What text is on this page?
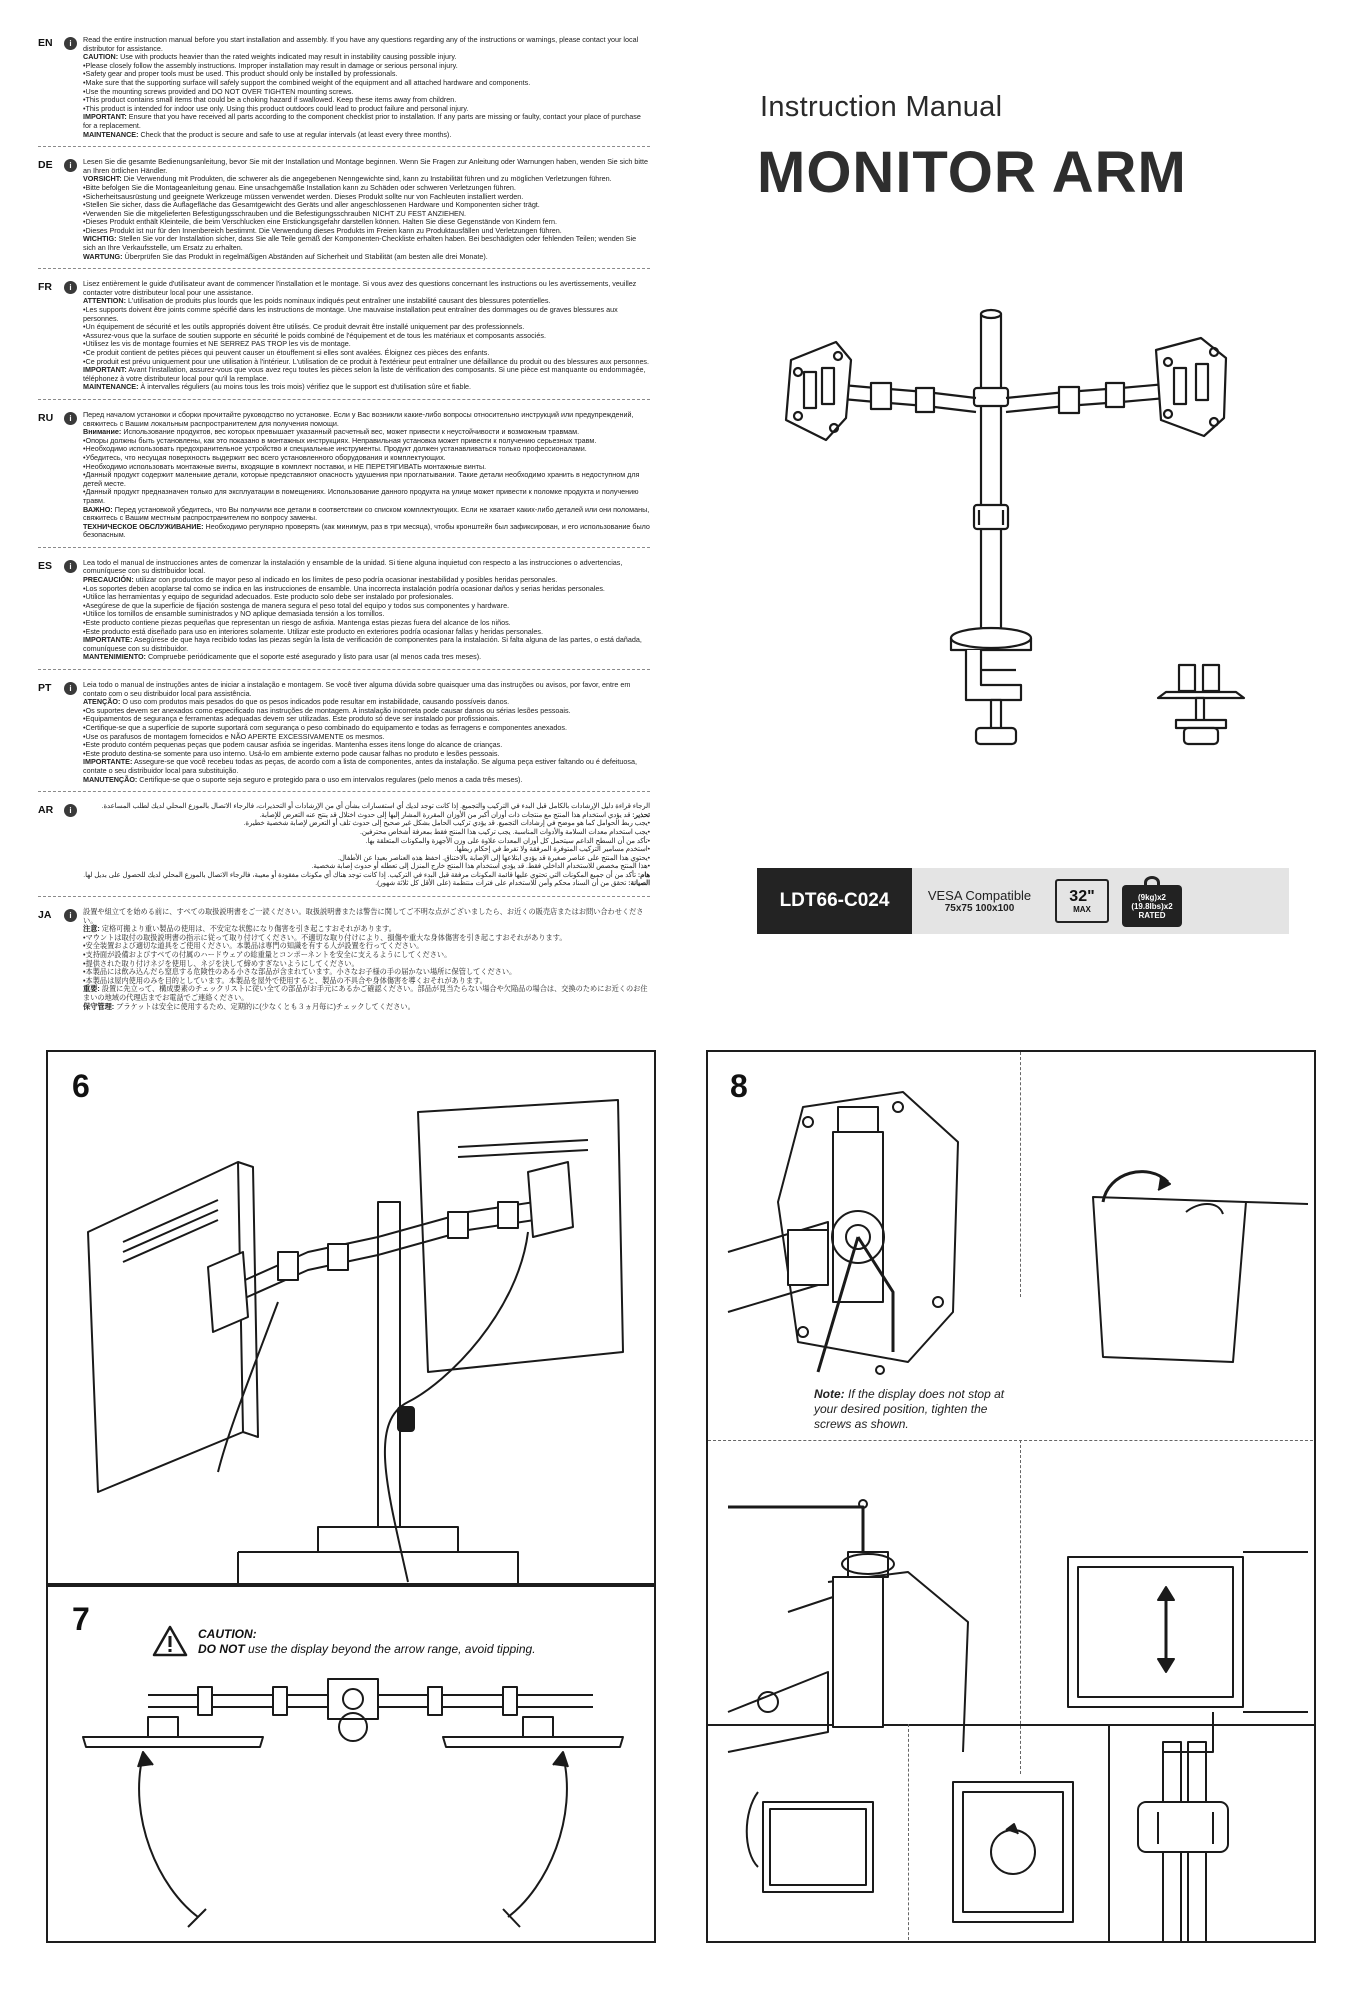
EN	i	Read the entire instruction manual before you start installation and assembly. If you have any questions regarding any of the instructions or warnings, please contact your local distributor for assistance.
CAUTION: Use with products heavier than the rated weights indicated may result in instability causing possible injury.
• Please closely follow the assembly instructions. Improper installation may result in damage or serious personal injury.
• Safety gear and proper tools must be used. This product should only be installed by professionals.
• Make sure that the supporting surface will safely support the combined weight of the equipment and all attached hardware and components.
• Use the mounting screws provided and DO NOT OVER TIGHTEN mounting screws.
• This product contains small items that could be a choking hazard if swallowed. Keep these items away from children.
• This product is intended for indoor use only. Using this product outdoors could lead to product failure and personal injury.
IMPORTANT: Ensure that you have received all parts according to the component checklist prior to installation. If any parts are missing or faulty, contact your place of purchase for a replacement.
MAINTENANCE: Check that the product is secure and safe to use at regular intervals (at least every three months).
DE	i	Lesen Sie die gesamte Bedienungsanleitung, bevor Sie mit der Installation und Montage beginnen. Wenn Sie Fragen zur Anleitung oder Warnungen haben, wenden Sie sich bitte an Ihren örtlichen Händler.
VORSICHT: Die Verwendung mit Produkten, die schwerer als die angegebenen Nenngewichte sind, kann zu Instabilität führen und zu möglichen Verletzungen führen.
• Bitte befolgen Sie die Montageanleitung genau. Eine unsachgemäße Installation kann zu Schäden oder schweren Verletzungen führen.
• Sicherheitsausrüstung und geeignete Werkzeuge müssen verwendet werden. Dieses Produkt sollte nur von Fachleuten installiert werden.
• Stellen Sie sicher, dass die Auflagefläche das Gesamtgewicht des Geräts und aller angeschlossenen Hardware und Komponenten sicher trägt.
• Verwenden Sie die mitgelieferten Befestigungsschrauben und die Befestigungsschrauben NICHT ZU FEST ANZIEHEN.
• Dieses Produkt enthält Kleinteile, die beim Verschlucken eine Erstickungsgefahr darstellen können. Halten Sie diese Gegenstände von Kindern fern.
• Dieses Produkt ist nur für den Innenbereich bestimmt. Die Verwendung dieses Produkts im Freien kann zu Produktausfällen und Verletzungen führen.
WICHTIG: Stellen Sie vor der Installation sicher, dass Sie alle Teile gemäß der Komponenten-Checkliste erhalten haben. Bei beschädigten oder fehlenden Teilen; wenden Sie sich an Ihre Verkaufsstelle, um Ersatz zu erhalten.
WARTUNG: Überprüfen Sie das Produkt in regelmäßigen Abständen auf Sicherheit und Stabilität (am besten alle drei Monate).
FR	i	Lisez entièrement le guide d'utilisateur avant de commencer l'installation et le montage. Si vous avez des questions concernant les instructions ou les avertissements, veuillez contacter votre distributeur local pour une assistance.
ATTENTION: L'utilisation de produits plus lourds que les poids nominaux indiqués peut entraîner une instabilité causant des blessures potentielles.
• Les supports doivent être joints comme spécifié dans les instructions de montage. Une mauvaise installation peut entraîner des dommages ou de graves blessures aux personnes.
• Un équipement de sécurité et les outils appropriés doivent être utilisés. Ce produit devrait être installé uniquement par des professionnels.
• Assurez-vous que la surface de soutien supporte en sécurité le poids combiné de l'équipement et de tous les matériaux et composants associés.
• Utilisez les vis de montage fournies et NE SERREZ PAS TROP les vis de montage.
• Ce produit contient de petites pièces qui peuvent causer un étouffement si elles sont avalées. Éloignez ces pièces des enfants.
• Ce produit est prévu uniquement pour une utilisation à l'intérieur. L'utilisation de ce produit à l'extérieur peut entraîner une défaillance du produit ou des blessures aux personnes.
IMPORTANT: Avant l'installation, assurez-vous que vous avez reçu toutes les pièces selon la liste de vérification des composants. Si une pièce est manquante ou endommagée, téléphonez à votre distributeur local pour qu'il la remplace.
MAINTENANCE: À intervalles réguliers (au moins tous les trois mois) vérifiez que le support est d'utilisation sûre et fiable.
RU	i	Перед началом установки и сборки прочитайте руководство по установке. Если у Вас возникли какие-либо вопросы относительно инструкций или предупреждений, свяжитесь с Вашим локальным распространителем для получения помощи.
Внимание: Использование продуктов, вес которых превышает указанный расчетный вес, может привести к неустойчивости и возможным травмам.
• Опоры должны быть установлены, как это показано в монтажных инструкциях. Неправильная установка может привести к получению серьезных травм.
• Необходимо использовать предохранительное устройство и специальные инструменты. Продукт должен устанавливаться только профессионалами.
• Убедитесь, что несущая поверхность выдержит вес всего установленного оборудования и комплектующих.
• Необходимо использовать монтажные винты, входящие в комплект поставки, и НЕ ПЕРЕТЯГИВАТЬ монтажные винты.
• Данный продукт содержит маленькие детали, которые представляют опасность удушения при проглатывании. Такие детали необходимо хранить в недоступном для детей месте.
• Данный продукт предназначен только для эксплуатации в помещениях. Использование данного продукта на улице может привести к поломке продукта и получению травм.
ВАЖНО: Перед установкой убедитесь, что Вы получили все детали в соответствии со списком комплектующих. Если не хватает каких-либо деталей или они поломаны, свяжитесь с Вашим местным распространителем по вопросу замены.
ТЕХНИЧЕСКОЕ ОБСЛУЖИВАНИЕ: Необходимо регулярно проверять (как минимум, раз в три месяца), чтобы кронштейн был зафиксирован, и его использование было безопасным.
ES	i	Lea todo el manual de instrucciones antes de comenzar la instalación y ensamble de la unidad. Si tiene alguna inquietud con respecto a las instrucciones o advertencias, comuníquese con su distribuidor local.
PRECAUCIÓN: utilizar con productos de mayor peso al indicado en los límites de peso podría ocasionar inestabilidad y posibles heridas personales.
• Los soportes deben acoplarse tal como se indica en las instrucciones de ensamble. Una incorrecta instalación podría ocasionar daños y serias heridas personales.
• Utilice las herramientas y equipo de seguridad adecuados. Este producto solo debe ser instalado por profesionales.
• Asegúrese de que la superficie de fijación sostenga de manera segura el peso total del equipo y todos sus componentes y hardware.
• Utilice los tornillos de ensamble suministrados y NO aplique demasiada tensión a los tornillos.
• Este producto contiene piezas pequeñas que representan un riesgo de asfixia. Mantenga estas piezas fuera del alcance de los niños.
• Este producto está diseñado para uso en interiores solamente. Utilizar este producto en exteriores podría ocasionar fallas y heridas personales.
IMPORTANTE: Asegúrese de que haya recibido todas las piezas según la lista de verificación de componentes para la instalación. Si falta alguna de las partes, o está dañada, comuníquese con su distribuidor.
MANTENIMIENTO: Compruebe periódicamente que el soporte esté asegurado y listo para usar (al menos cada tres meses).
PT	i	Leia todo o manual de instruções antes de iniciar a instalação e montagem. Se você tiver alguma dúvida sobre quaisquer uma das instruções ou avisos, por favor, entre em contato com o seu distribuidor local para assistência.
ATENÇÃO: O uso com produtos mais pesados do que os pesos indicados pode resultar em instabilidade, causando possíveis danos.
• Os suportes devem ser anexados como especificado nas instruções de montagem. A instalação incorreta pode causar danos ou sérias lesões pessoais.
• Equipamentos de segurança e ferramentas adequadas devem ser utilizadas. Este produto só deve ser instalado por profissionais.
• Certifique-se que a superfície de suporte suportará com segurança o peso combinado do equipamento e todas as ferragens e componentes anexados.
• Use os parafusos de montagem fornecidos e NÃO APERTE EXCESSIVAMENTE os mesmos.
• Este produto contém pequenas peças que podem causar asfixia se ingeridas. Mantenha esses itens longe do alcance de crianças.
• Este produto destina-se somente para uso interno. Usá-lo em ambiente externo pode causar falhas no produto e lesões pessoais.
IMPORTANTE: Assegure-se que você recebeu todas as peças, de acordo com a lista de componentes, antes da instalação. Se alguma peça estiver faltando ou é defeituosa, contate o seu distribuidor local para substituição.
MANUTENÇÃO: Certifique-se que o suporte seja seguro e protegido para o uso em intervalos regulares (pelo menos a cada três meses).
AR	i	الرجاء قراءة دليل الإرشادات بالكامل قبل البدء في التركيب والتجميع. إذا كانت توجد لديك أي استفسارات بشأن أي من الإرشادات أو التحذيرات، فالرجاء الاتصال بالموزع المحلي لديك لطلب المساعدة.
تحذير: قد يؤدي استخدام هذا المنتج مع منتجات ذات أوزان أكبر من الأوزان المقررة المشار إليها إلى حدوث اختلال قد ينتج عنه التعرض للإصابة.
• يجب ربط الحوامل كما هو موضح في إرشادات التجميع. قد يؤدي تركيب الحامل بشكل غير صحيح إلى حدوث تلف أو التعرض لإصابة شخصية خطيرة.
• يجب استخدام معدات السلامة والأدوات المناسبة. يجب تركيب هذا المنتج فقط بمعرفة أشخاص محترفين.
• تأكد من أن السطح الداعم سيتحمل كل أوزان المعدات علاوة على وزن الأجهزة والمكونات المتعلقة بها.
• استخدم مسامير التركيب المتوفرة المرفقة ولا تفرط في إحكام ربطها.
• يحتوي هذا المنتج على عناصر صغيرة قد يؤدي ابتلاعها إلى الإصابة بالاختناق. احفظ هذه العناصر بعيدا عن الأطفال.
• هذا المنتج مخصص للاستخدام الداخلي فقط. قد يؤدي استخدام هذا المنتج خارج المنزل إلى تعطله أو حدوث إصابة شخصية.
هام: تأكد من أن جميع المكونات التي تحتوي عليها قائمة المكونات مرفقة قبل البدء في التركيب. إذا كانت توجد هناك أي مكونات مفقودة أو معيبة، فالرجاء الاتصال بالموزع المحلي لديك للحصول على بديل لها.
الصيانة: تحقق من أن السناد محكم وآمن للاستخدام على فترات منتظمة (على الأقل كل ثلاثة شهور).
JA	i	設置や組立てを始める前に、すべての取扱説明書をご一読ください。取扱説明書または警告に関してご不明な点がございましたら、お近くの販売店またはお問い合わせください。
注意: 定格可搬より重い製品の使用は、不安定な状態になり傷害を引き起こすおそれがあります。
• マウントは取付の取扱説明書の指示に従って取り付けてください。不適切な取り付けにより、損傷や重大な身体傷害を引き起こすおそれがあります。
• 安全装置および適切な道具をご使用ください。本製品は専門の知識を有する人が設置を行ってください。
• 支持面が設備およびすべての付属のハードウェアの総重量とコンポーネントを安全に支えるようにしてください。
• 提供された取り付けネジを使用し、ネジを決して締めすぎないようにしてください。
• 本製品には飲み込んだら窒息する危険性のある小さな部品が含まれています。小さなお子様の手の届かない場所に保管してください。
• 本製品は屋内使用のみを目的としています。本製品を屋外で使用すると、製品の不具合や身体傷害を導くおそれがあります。
重要: 設置に先立って、構成要素のチェックリストに従い全ての部品がお手元にあるかご確認ください。部品が見当たらない場合や欠陥品の場合は、交換のためにお近くのお住まいの地域の代理店までお電話でご連絡ください。
保守管理: ブラケットは安全に使用するため、定期的に(少なくとも３ヵ月毎に)チェックしてください。
Instruction Manual
MONITOR ARM
LDT66-C024	VESA Compatible
75x75 100x100
32"
MAX
(9kg)x2
(19.8lbs)x2
RATED
6
7	CAUTION:
DO NOT use the display beyond the arrow range, avoid tipping.
8
Note: If the display does not stop at your desired position, tighten the screws as shown.
